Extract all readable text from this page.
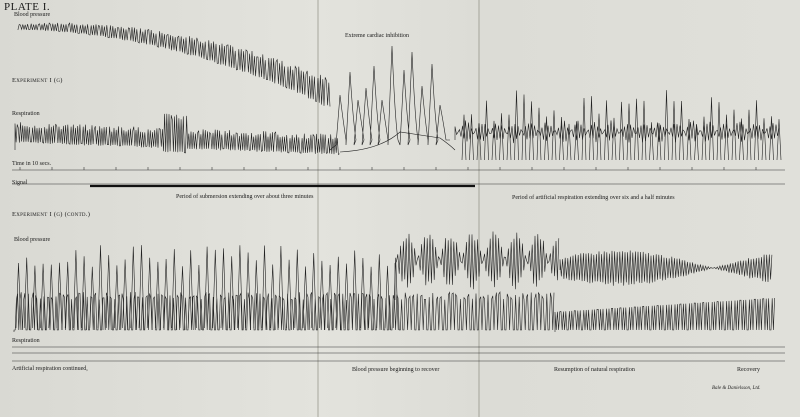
PLATE I.
Blood pressure
Extreme cardiac inhibition
Experiment I (g)
Respiration
Time in 10 secs.
Signal
Period of submersion extending over about three minutes	Period of artificial respiration extending over six and a half minutes
Experiment I (g) (contd.)
Blood pressure
Respiration
Artificial respiration continued,	Blood pressure beginning to recover	Resumption of natural respiration	Recovery
Bale & Danielsson, Ltd.
